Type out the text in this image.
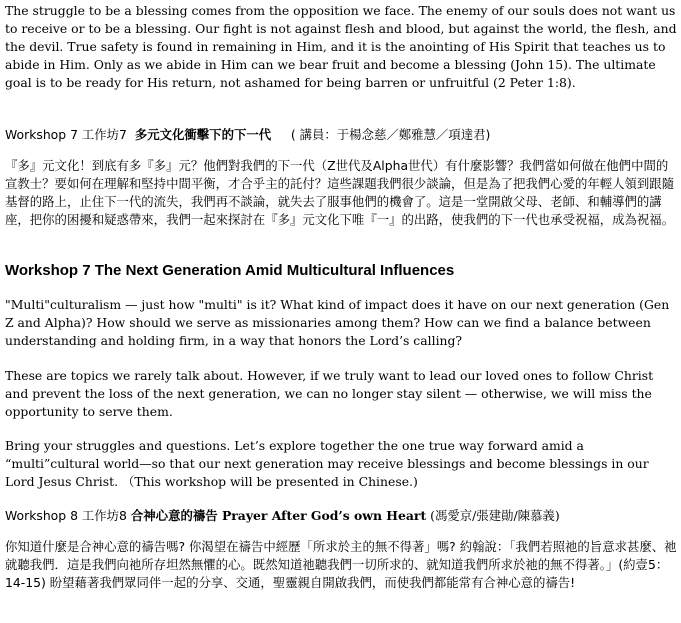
The struggle to be a blessing comes from the opposition we face. The enemy of our souls does not want us to receive or to be a blessing. Our fight is not against flesh and blood, but against the world, the flesh, and the devil. True safety is found in remaining in Him, and it is the anointing of His Spirit that teaches us to abide in Him. Only as we abide in Him can we bear fruit and become a blessing (John 15). The ultimate goal is to be ready for His return, not ashamed for being barren or unfruitful (2 Peter 1:8).

Workshop 7 工作坊7 多元文化衝擊下的下一代 ( 講員：于楊念慈／鄭雅慧／項達君)

『多』元文化！到底有多『多』元？他們對我們的下一代（Z世代及Alpha世代）有什麼影響？我們當如何做在他們中間的宣教士？要如何在理解和堅持中間平衡，才合乎主的託付？這些課題我們很少談論，但是為了把我們心愛的年輕人領到跟隨基督的路上，止住下一代的流失，我們再不談論，就失去了服事他們的機會了。這是一堂開啟父母、老師、和輔導們的講座，把你的困擾和疑惑帶來，我們一起來探討在『多』元文化下唯『一』的出路，使我們的下一代也承受祝福，成為祝福。

Workshop 7 The Next Generation Amid Multicultural Influences

"Multi"culturalism — just how "multi" is it? What kind of impact does it have on our next generation (Gen Z and Alpha)? How should we serve as missionaries among them? How can we find a balance between understanding and holding firm, in a way that honors the Lord’s calling?

These are topics we rarely talk about. However, if we truly want to lead our loved ones to follow Christ and prevent the loss of the next generation, we can no longer stay silent — otherwise, we will miss the opportunity to serve them.

Bring your struggles and questions. Let’s explore together the one true way forward amid a “multi”cultural world—so that our next generation may receive blessings and become blessings in our Lord Jesus Christ. （This workshop will be presented in Chinese.)

Workshop 8 工作坊8 合神心意的禱告 Prayer After God’s own Heart (馮愛京/張建勛/陳慕義)

你知道什麼是合神心意的禱告嗎? 你渴望在禱告中經歷「所求於主的無不得著」嗎? 約翰說：「我們若照祂的旨意求甚麼、祂就聽我們．這是我們向祂所存坦然無懼的心。既然知道祂聽我們一切所求的、就知道我們所求於祂的無不得著。」(約壹5：14-15) 盼望藉著我們眾同伴一起的分享、交通，聖靈親自開啟我們，而使我們都能常有合神心意的禱告!
